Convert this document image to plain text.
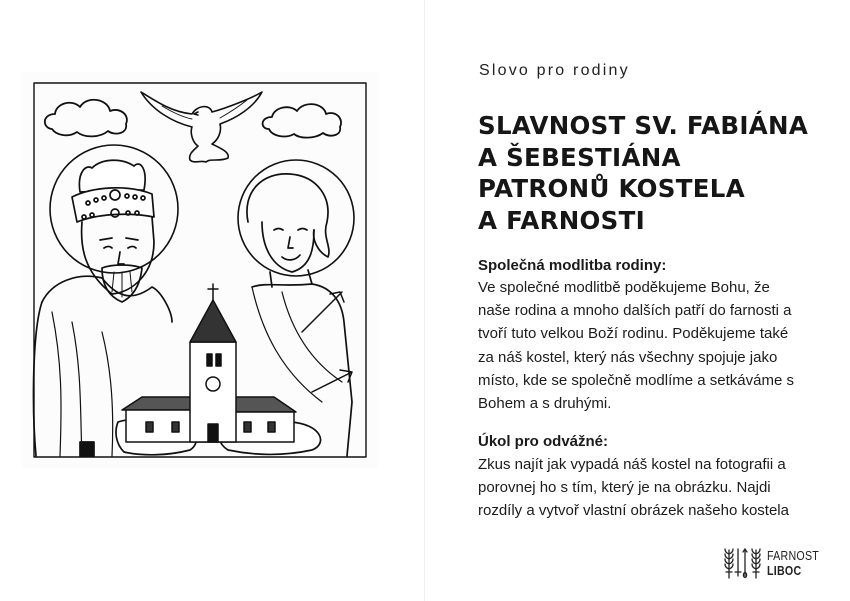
Slovo pro rodiny
SLAVNOST SV. FABIÁNA
A ŠEBESTIÁNA
PATRONŮ KOSTELA
A FARNOSTI
Společná modlitba rodiny:
Ve společné modlitbě poděkujeme Bohu, že
naše rodina a mnoho dalších patří do farnosti a
tvoří tuto velkou Boží rodinu. Poděkujeme také
za náš kostel, který nás všechny spojuje jako
místo, kde se společně modlíme a setkáváme s
Bohem a s druhými.
Úkol pro odvážné:
Zkus najít jak vypadá náš kostel na fotografii a
porovnej ho s tím, který je na obrázku. Najdi
rozdíly a vytvoř vlastní obrázek našeho kostela
FARNOST
LIBOC
